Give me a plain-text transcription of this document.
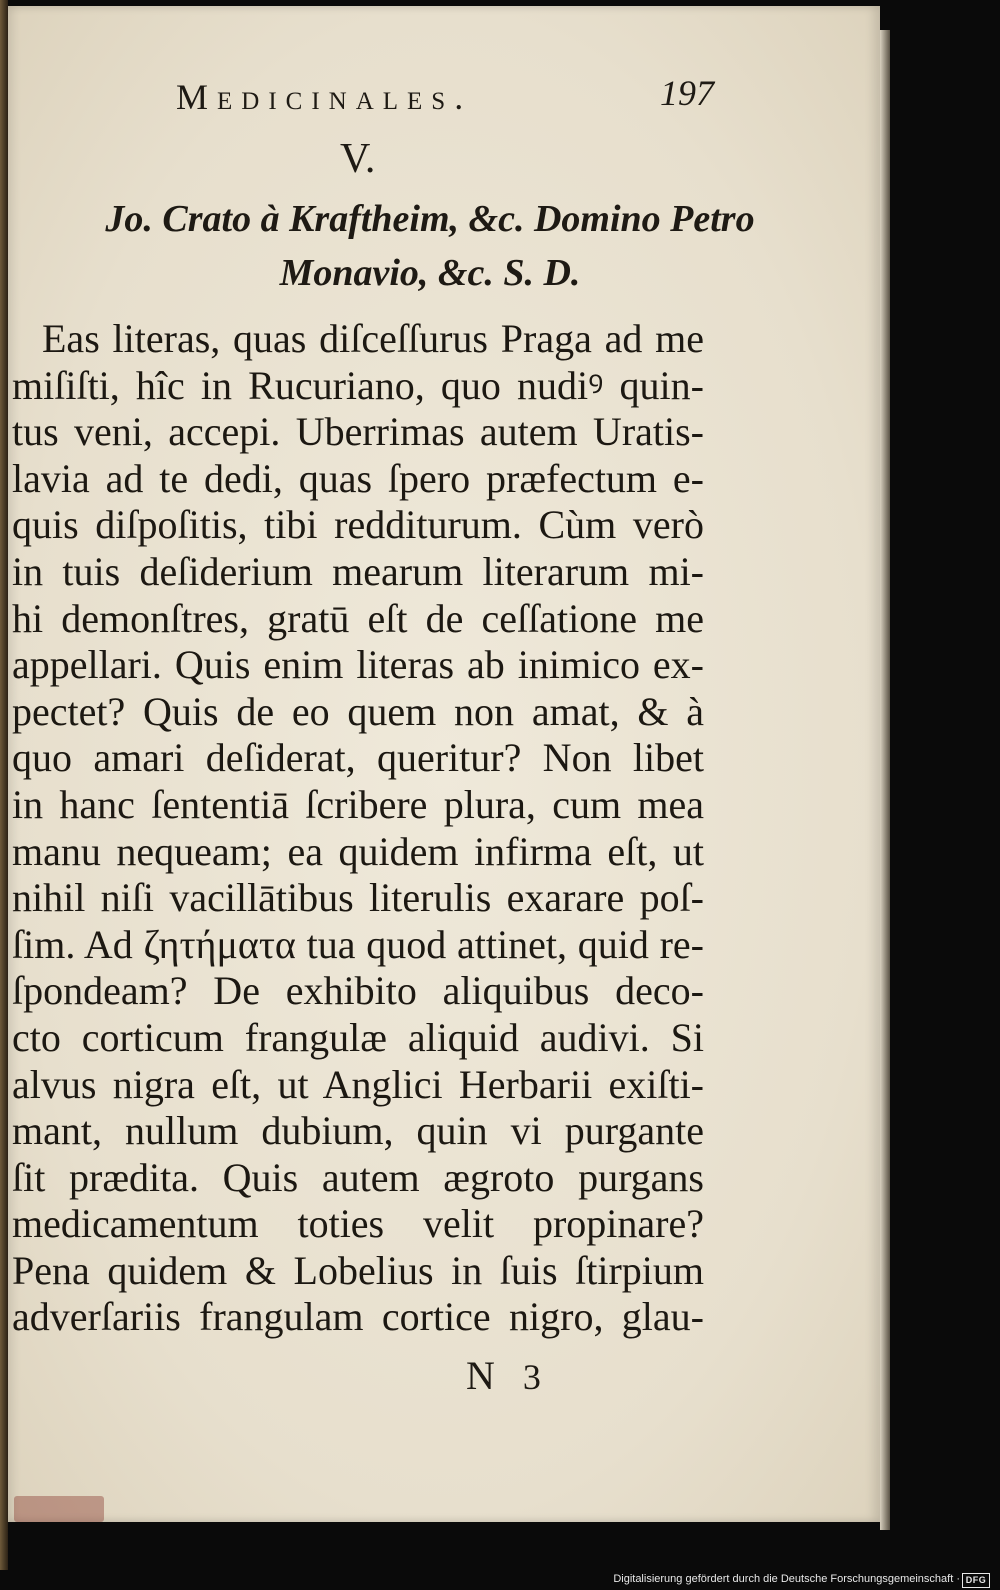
Medicinales.	197
V.
Jo. Crato à Kraftheim, &c. Domino Petro
Monavio, &c. S. D.
Eas literas, quas diſceſſurus Praga ad me
miſiſti, hîc in Rucuriano, quo nudiꝰ quin-
tus veni, accepi. Uberrimas autem Uratis-
lavia ad te dedi, quas ſpero præfectum e-
quis diſpoſitis, tibi redditurum. Cùm verò
in tuis deſiderium mearum literarum mi-
hi demonſtres, gratū eſt de ceſſatione me
appellari. Quis enim literas ab inimico ex-
pectet? Quis de eo quem non amat, & à
quo amari deſiderat, queritur? Non libet
in hanc ſententiā ſcribere plura, cum mea
manu nequeam; ea quidem infirma eſt, ut
nihil niſi vacillātibus literulis exarare poſ-
ſim. Ad ζητήματα tua quod attinet, quid re-
ſpondeam? De exhibito aliquibus deco-
cto corticum frangulæ aliquid audivi. Si
alvus nigra eſt, ut Anglici Herbarii exiſti-
mant, nullum dubium, quin vi purgante
ſit prædita. Quis autem ægroto purgans
medicamentum toties velit propinare?
Pena quidem & Lobelius in ſuis ſtirpium
adverſariis frangulam cortice nigro, glau-
N 3
Digitalisierung gefördert durch die Deutsche Forschungsgemeinschaft · DFG
